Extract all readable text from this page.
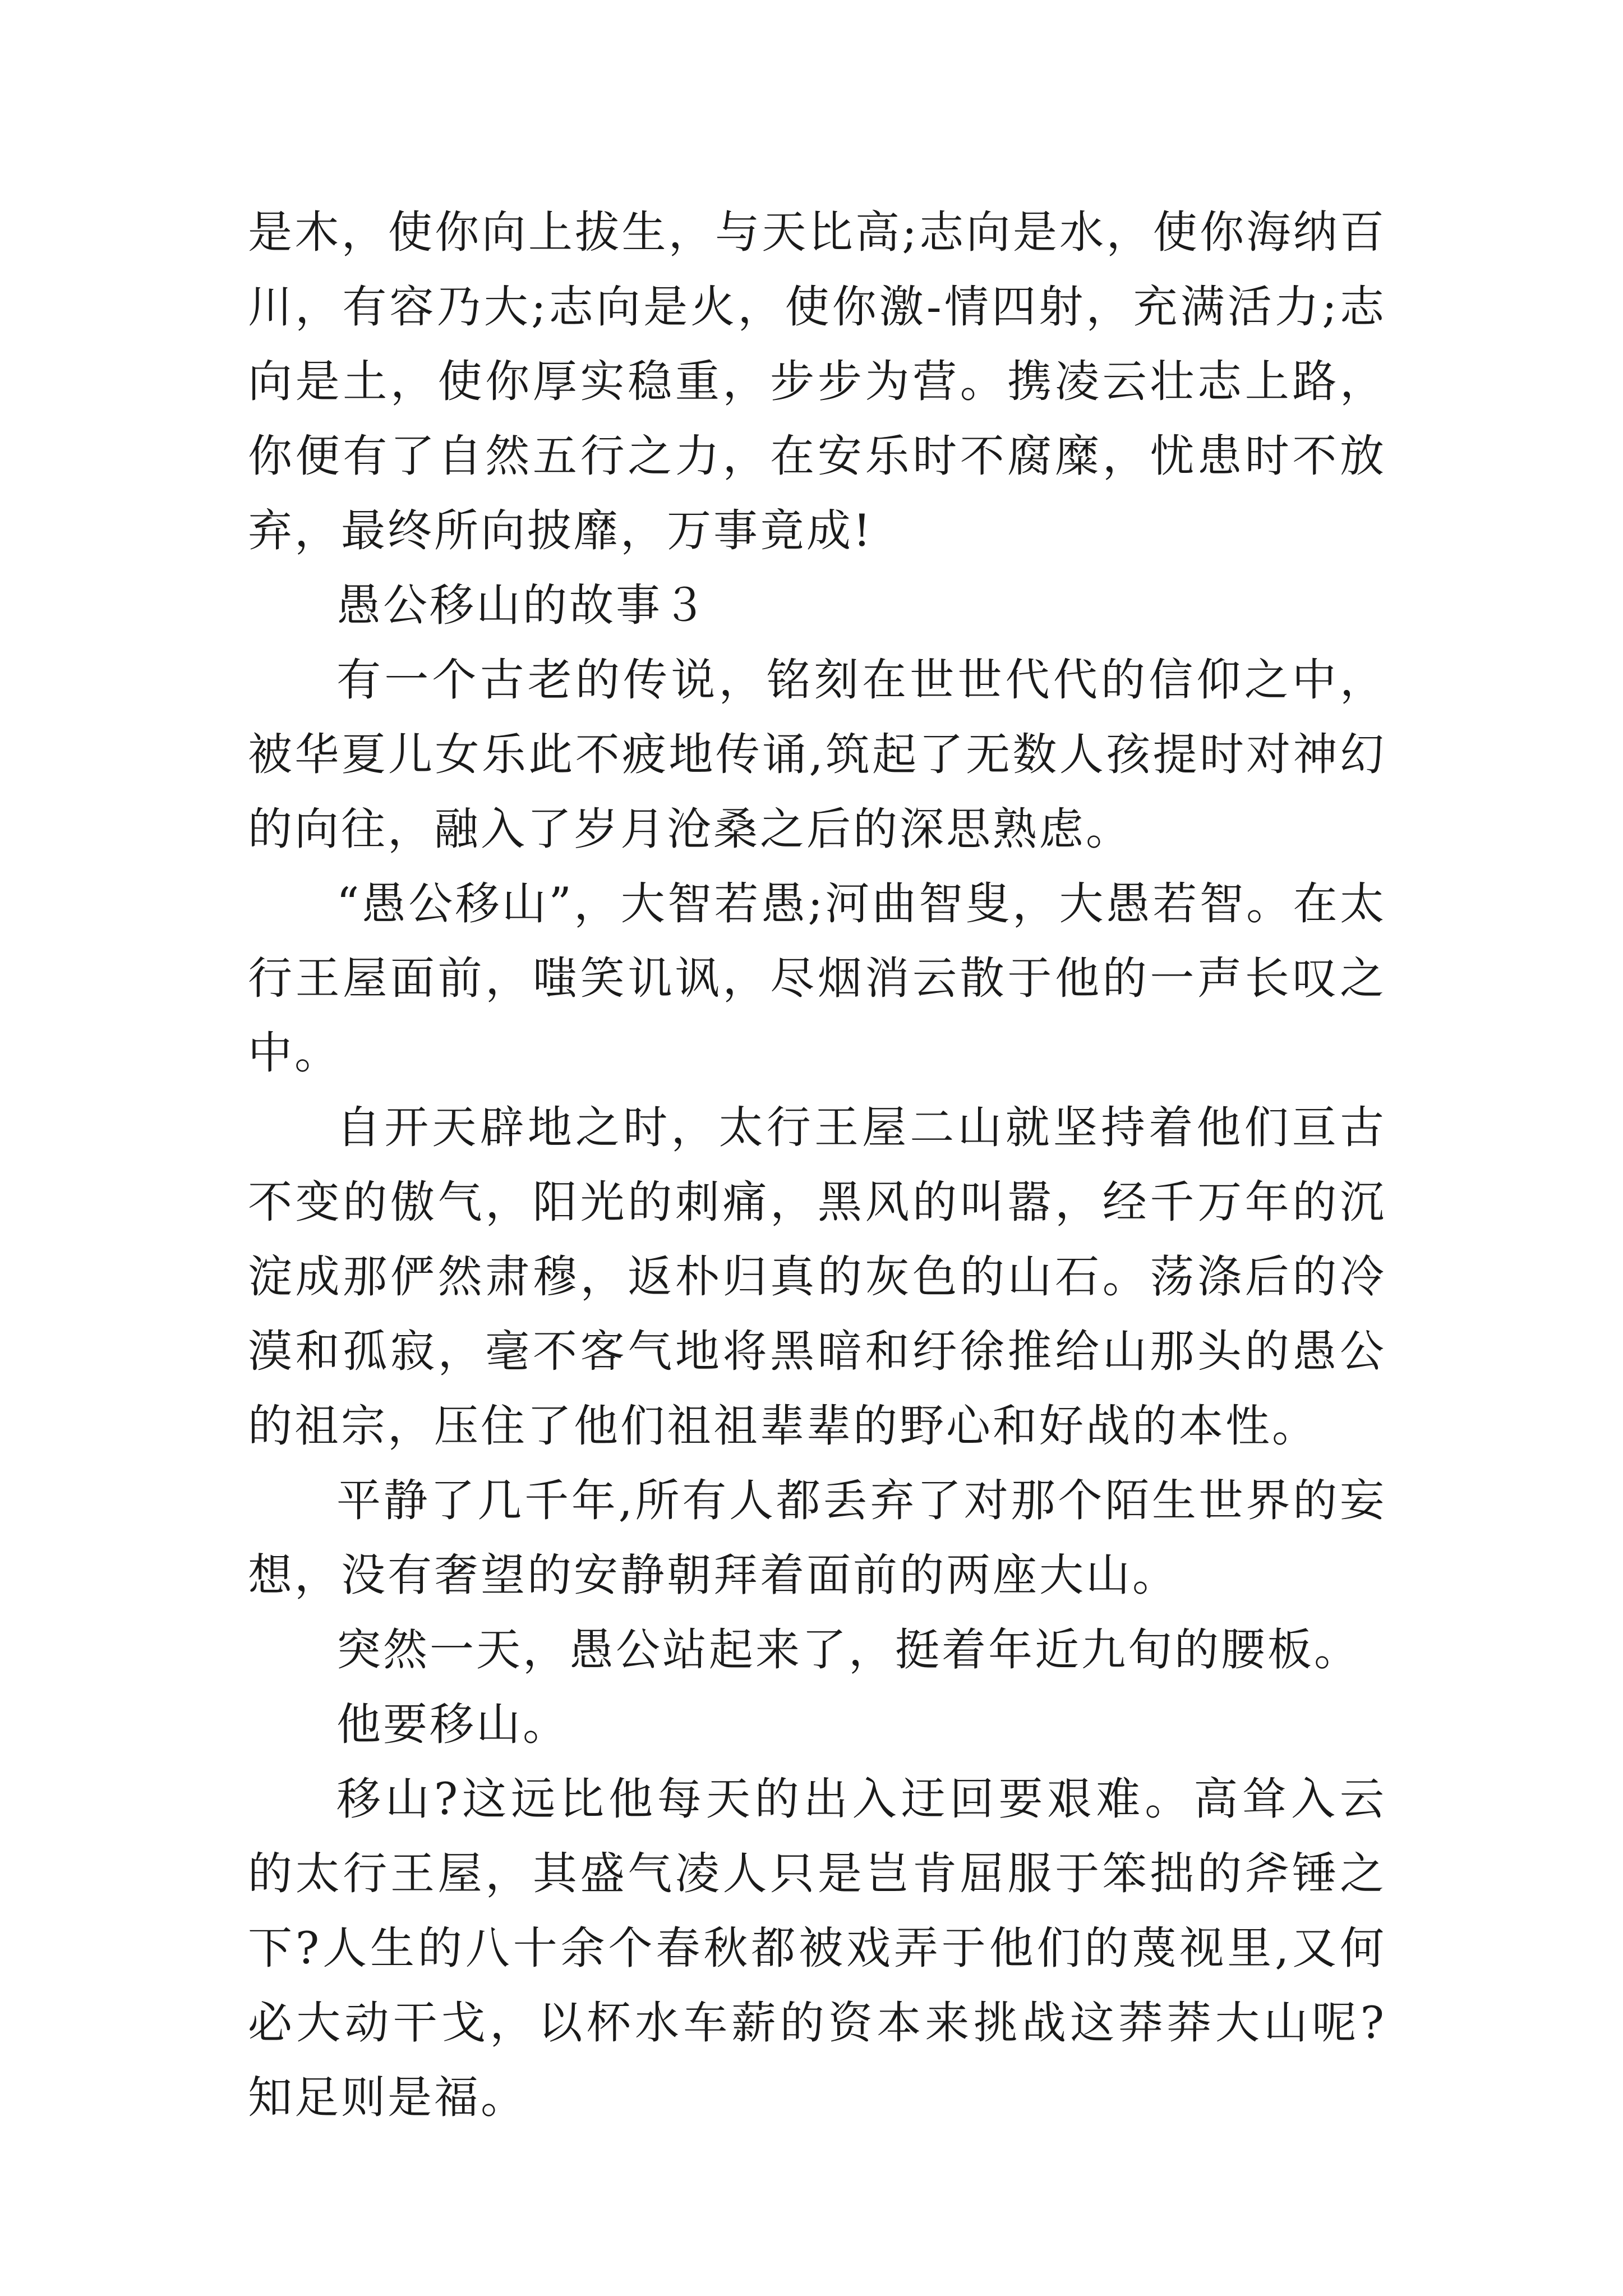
是木，使你向上拔生，与天比高;志向是水，使你海纳百川，有容乃大;志向是火，使你激-情四射，充满活力;志向是土，使你厚实稳重，步步为营。携凌云壮志上路，你便有了自然五行之力，在安乐时不腐糜，忧患时不放弃，最终所向披靡，万事竟成!

愚公移山的故事３

有一个古老的传说，铭刻在世世代代的信仰之中，被华夏儿女乐此不疲地传诵,筑起了无数人孩提时对神幻的向往，融入了岁月沧桑之后的深思熟虑。

“愚公移山”，大智若愚;河曲智叟，大愚若智。在太行王屋面前，嗤笑讥讽，尽烟消云散于他的一声长叹之中。

自开天辟地之时，太行王屋二山就坚持着他们亘古不变的傲气，阳光的刺痛，黑风的叫嚣，经千万年的沉淀成那俨然肃穆，返朴归真的灰色的山石。荡涤后的冷漠和孤寂，毫不客气地将黑暗和纡徐推给山那头的愚公的祖宗，压住了他们祖祖辈辈的野心和好战的本性。

平静了几千年,所有人都丢弃了对那个陌生世界的妄想，没有奢望的安静朝拜着面前的两座大山。

突然一天，愚公站起来了，挺着年近九旬的腰板。

他要移山。

移山?这远比他每天的出入迂回要艰难。高耸入云的太行王屋，其盛气凌人只是岂肯屈服于笨拙的斧锤之下?人生的八十余个春秋都被戏弄于他们的蔑视里,又何必大动干戈，以杯水车薪的资本来挑战这莽莽大山呢?知足则是福。
